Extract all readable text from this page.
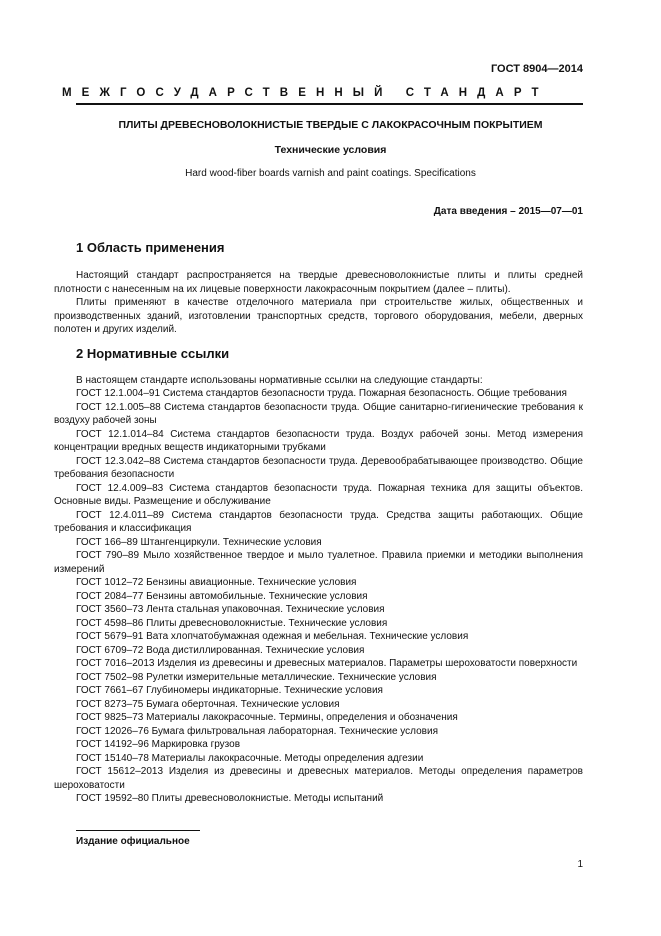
ГОСТ 8904—2014
МЕЖГОСУДАРСТВЕННЫЙ СТАНДАРТ
ПЛИТЫ ДРЕВЕСНОВОЛОКНИСТЫЕ ТВЕРДЫЕ С ЛАКОКРАСОЧНЫМ ПОКРЫТИЕМ
Технические условия
Hard wood-fiber boards varnish and paint coatings. Specifications
Дата введения – 2015—07—01
1 Область применения

Настоящий стандарт распространяется на твердые древесноволокнистые плиты и плиты средней плотности с нанесенным на их лицевые поверхности лакокрасочным покрытием (далее – плиты).

Плиты применяют в качестве отделочного материала при строительстве жилых, общественных и производственных зданий, изготовлении транспортных средств, торгового оборудования, мебели, дверных полотен и других изделий.

2 Нормативные ссылки

В настоящем стандарте использованы нормативные ссылки на следующие стандарты:

ГОСТ 12.1.004–91 Система стандартов безопасности труда. Пожарная безопасность. Общие требования

ГОСТ 12.1.005–88 Система стандартов безопасности труда. Общие санитарно-гигиенические требования к воздуху рабочей зоны

ГОСТ 12.1.014–84 Система стандартов безопасности труда. Воздух рабочей зоны. Метод измерения концентрации вредных веществ индикаторными трубками

ГОСТ 12.3.042–88 Система стандартов безопасности труда. Деревообрабатывающее производство. Общие требования безопасности

ГОСТ 12.4.009–83 Система стандартов безопасности труда. Пожарная техника для защиты объектов. Основные виды. Размещение и обслуживание

ГОСТ 12.4.011–89 Система стандартов безопасности труда. Средства защиты работающих. Общие требования и классификация

ГОСТ 166–89 Штангенциркули. Технические условия

ГОСТ 790–89 Мыло хозяйственное твердое и мыло туалетное. Правила приемки и методики выполнения измерений

ГОСТ 1012–72 Бензины авиационные. Технические условия

ГОСТ 2084–77 Бензины автомобильные. Технические условия

ГОСТ 3560–73 Лента стальная упаковочная. Технические условия

ГОСТ 4598–86 Плиты древесноволокнистые. Технические условия

ГОСТ 5679–91 Вата хлопчатобумажная одежная и мебельная. Технические условия

ГОСТ 6709–72 Вода дистиллированная. Технические условия

ГОСТ 7016–2013 Изделия из древесины и древесных материалов. Параметры шероховатости поверхности

ГОСТ 7502–98 Рулетки измерительные металлические. Технические условия

ГОСТ 7661–67 Глубиномеры индикаторные. Технические условия

ГОСТ 8273–75 Бумага оберточная. Технические условия

ГОСТ 9825–73 Материалы лакокрасочные. Термины, определения и обозначения

ГОСТ 12026–76 Бумага фильтровальная лабораторная. Технические условия

ГОСТ 14192–96 Маркировка грузов

ГОСТ 15140–78 Материалы лакокрасочные. Методы определения адгезии

ГОСТ 15612–2013 Изделия из древесины и древесных материалов. Методы определения параметров шероховатости

ГОСТ 19592–80 Плиты древесноволокнистые. Методы испытаний

Издание официальное
1
